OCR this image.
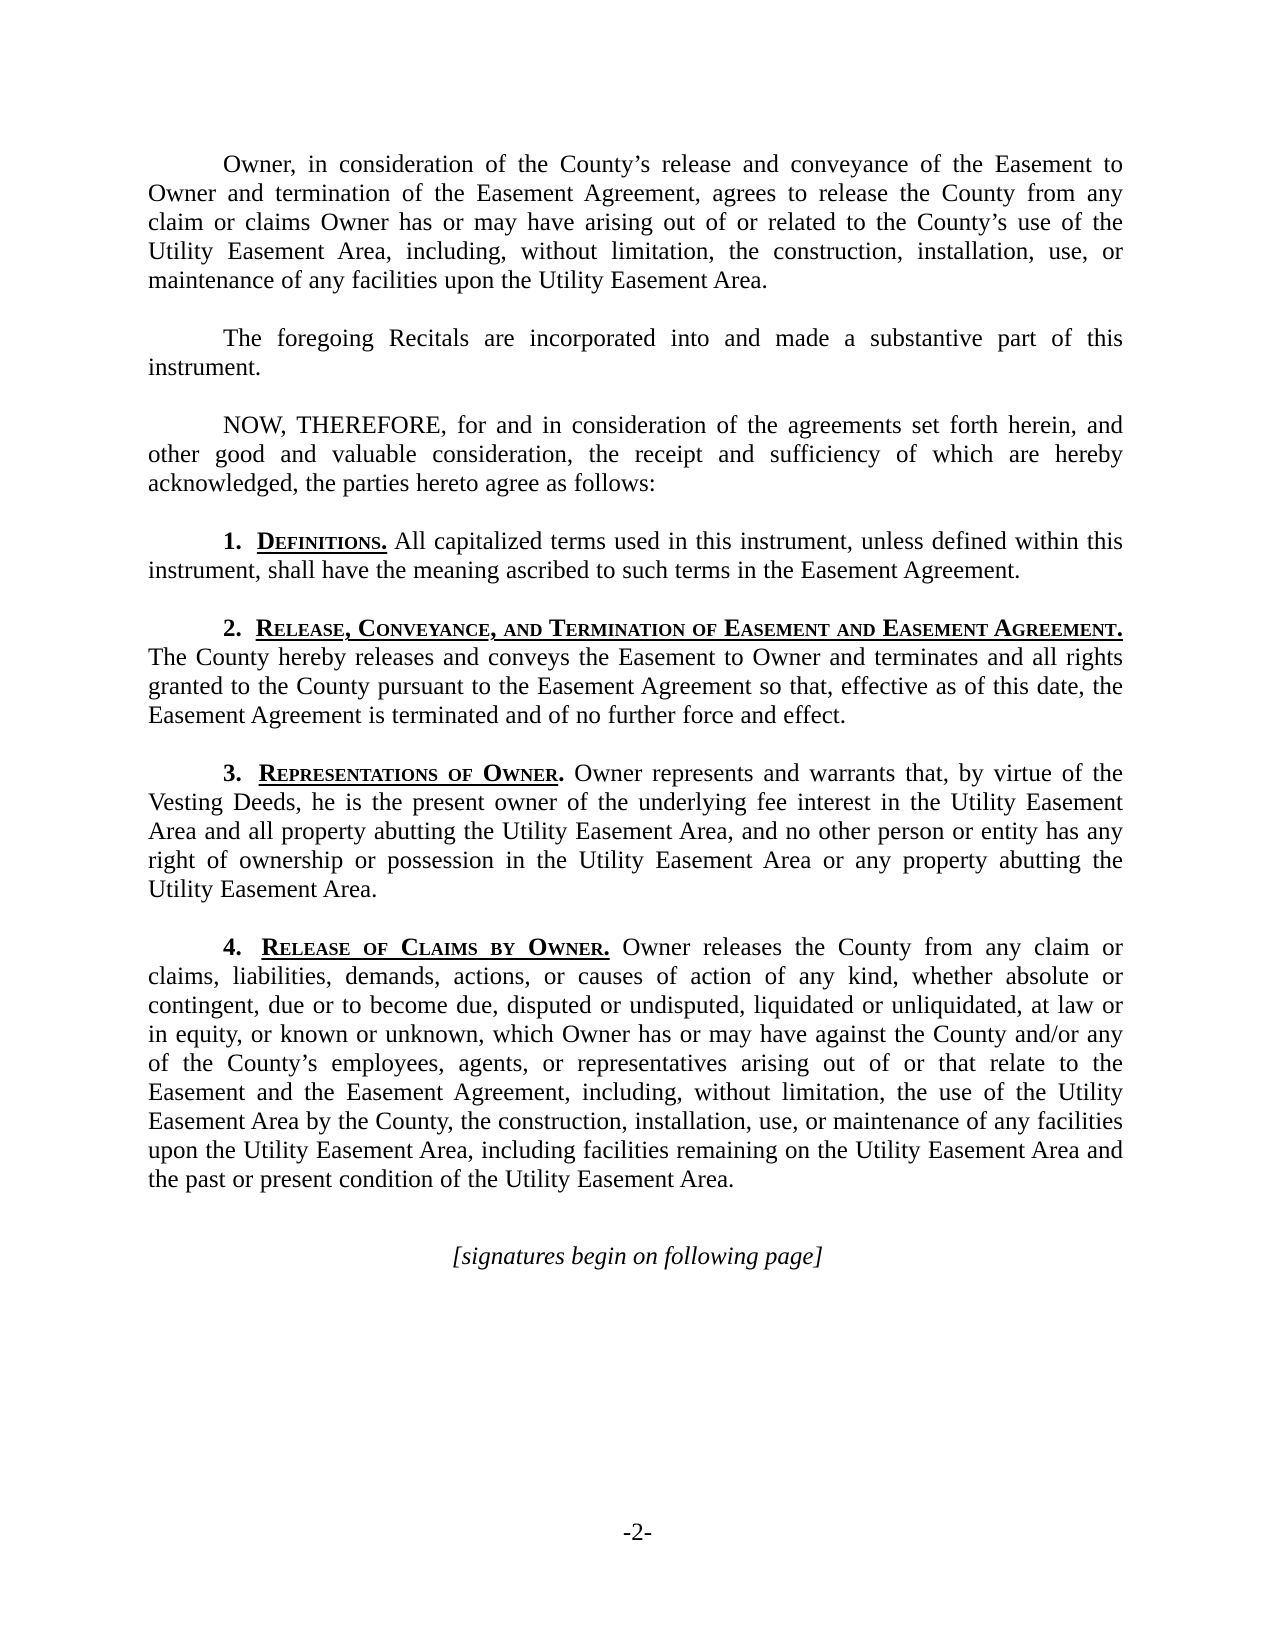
Owner, in consideration of the County’s release and conveyance of the Easement to Owner and termination of the Easement Agreement, agrees to release the County from any claim or claims Owner has or may have arising out of or related to the County’s use of the Utility Easement Area, including, without limitation, the construction, installation, use, or maintenance of any facilities upon the Utility Easement Area.

The foregoing Recitals are incorporated into and made a substantive part of this instrument.

NOW, THEREFORE, for and in consideration of the agreements set forth herein, and other good and valuable consideration, the receipt and sufficiency of which are hereby acknowledged, the parties hereto agree as follows:

1. Definitions. All capitalized terms used in this instrument, unless defined within this instrument, shall have the meaning ascribed to such terms in the Easement Agreement.

2. Release, Conveyance, and Termination of Easement and Easement Agreement. The County hereby releases and conveys the Easement to Owner and terminates and all rights granted to the County pursuant to the Easement Agreement so that, effective as of this date, the Easement Agreement is terminated and of no further force and effect.

3. Representations of Owner. Owner represents and warrants that, by virtue of the Vesting Deeds, he is the present owner of the underlying fee interest in the Utility Easement Area and all property abutting the Utility Easement Area, and no other person or entity has any right of ownership or possession in the Utility Easement Area or any property abutting the Utility Easement Area.

4. Release of Claims by Owner. Owner releases the County from any claim or claims, liabilities, demands, actions, or causes of action of any kind, whether absolute or contingent, due or to become due, disputed or undisputed, liquidated or unliquidated, at law or in equity, or known or unknown, which Owner has or may have against the County and/or any of the County’s employees, agents, or representatives arising out of or that relate to the Easement and the Easement Agreement, including, without limitation, the use of the Utility Easement Area by the County, the construction, installation, use, or maintenance of any facilities upon the Utility Easement Area, including facilities remaining on the Utility Easement Area and the past or present condition of the Utility Easement Area.

[signatures begin on following page]
-2-
